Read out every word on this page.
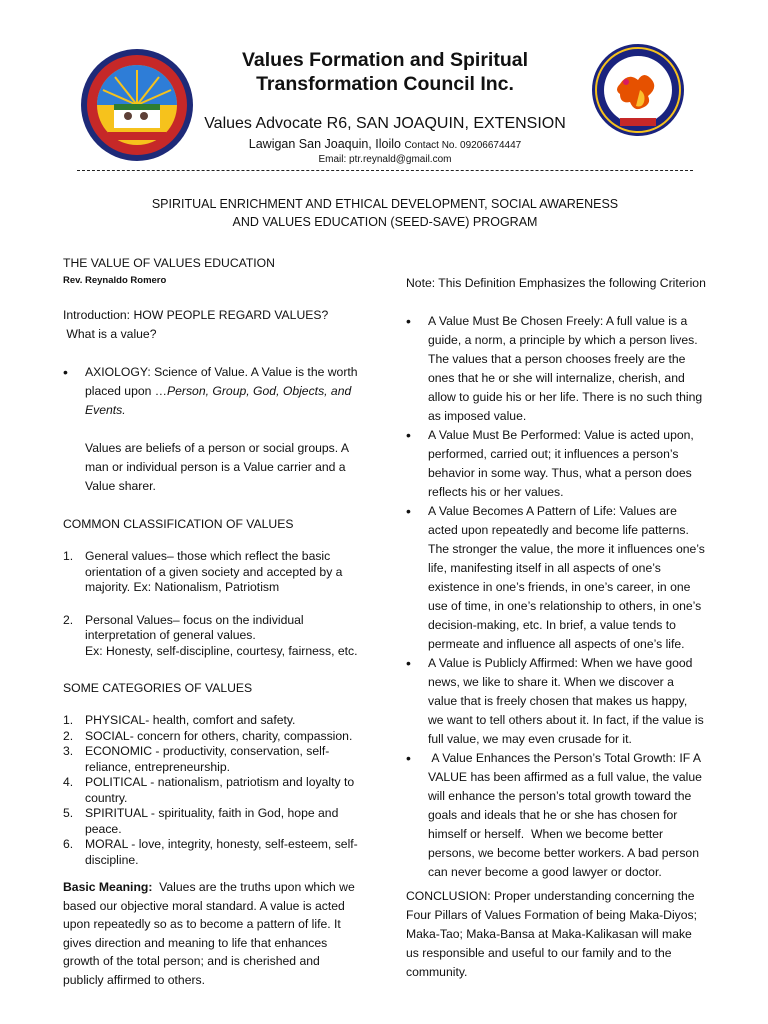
Values Formation and Spiritual
Transformation Council Inc.
Values Advocate R6, SAN JOAQUIN, EXTENSION
Lawigan San Joaquin, Iloilo Contact No. 09206674447
Email: ptr.reynald@gmail.com
SPIRITUAL ENRICHMENT AND ETHICAL DEVELOPMENT, SOCIAL AWARENESS
AND VALUES EDUCATION (SEED-SAVE) PROGRAM
THE VALUE OF VALUES EDUCATION
Rev. Reynaldo Romero
Introduction: HOW PEOPLE REGARD VALUES?
What is a value?
• AXIOLOGY: Science of Value. A Value is the worth placed upon …Person, Group, God, Objects, and Events.
Values are beliefs of a person or social groups. A man or individual person is a Value carrier and a Value sharer.
COMMON CLASSIFICATION OF VALUES
1. General values– those which reflect the basic orientation of a given society and accepted by a majority. Ex: Nationalism, Patriotism
2. Personal Values– focus on the individual interpretation of general values.
Ex: Honesty, self-discipline, courtesy, fairness, etc.
SOME CATEGORIES OF VALUES
1. PHYSICAL- health, comfort and safety.
2. SOCIAL- concern for others, charity, compassion.
3. ECONOMIC - productivity, conservation, self-reliance, entrepreneurship.
4. POLITICAL - nationalism, patriotism and loyalty to country.
5. SPIRITUAL - spirituality, faith in God, hope and peace.
6. MORAL - love, integrity, honesty, self-esteem, self-discipline.
Basic Meaning:  Values are the truths upon which we based our objective moral standard. A value is acted upon repeatedly so as to become a pattern of life. It gives direction and meaning to life that enhances growth of the total person; and is cherished and publicly affirmed to others.
Note: This Definition Emphasizes the following Criterion
• A Value Must Be Chosen Freely: A full value is a guide, a norm, a principle by which a person lives. The values that a person chooses freely are the ones that he or she will internalize, cherish, and allow to guide his or her life. There is no such thing as imposed value.
• A Value Must Be Performed: Value is acted upon, performed, carried out; it influences a person’s behavior in some way. Thus, what a person does reflects his or her values.
• A Value Becomes A Pattern of Life: Values are acted upon repeatedly and become life patterns. The stronger the value, the more it influences one’s life, manifesting itself in all aspects of one’s existence in one’s friends, in one’s career, in one use of time, in one’s relationship to others, in one’s decision-making, etc. In brief, a value tends to permeate and influence all aspects of one’s life.
• A Value is Publicly Affirmed: When we have good news, we like to share it. When we discover a value that is freely chosen that makes us happy, we want to tell others about it. In fact, if the value is full value, we may even crusade for it.
•  A Value Enhances the Person’s Total Growth: IF A VALUE has been affirmed as a full value, the value will enhance the person’s total growth toward the goals and ideals that he or she has chosen for himself or herself.  When we become better persons, we become better workers. A bad person can never become a good lawyer or doctor.
CONCLUSION: Proper understanding concerning the Four Pillars of Values Formation of being Maka-Diyos; Maka-Tao; Maka-Bansa at Maka-Kalikasan will make us responsible and useful to our family and to the community.
